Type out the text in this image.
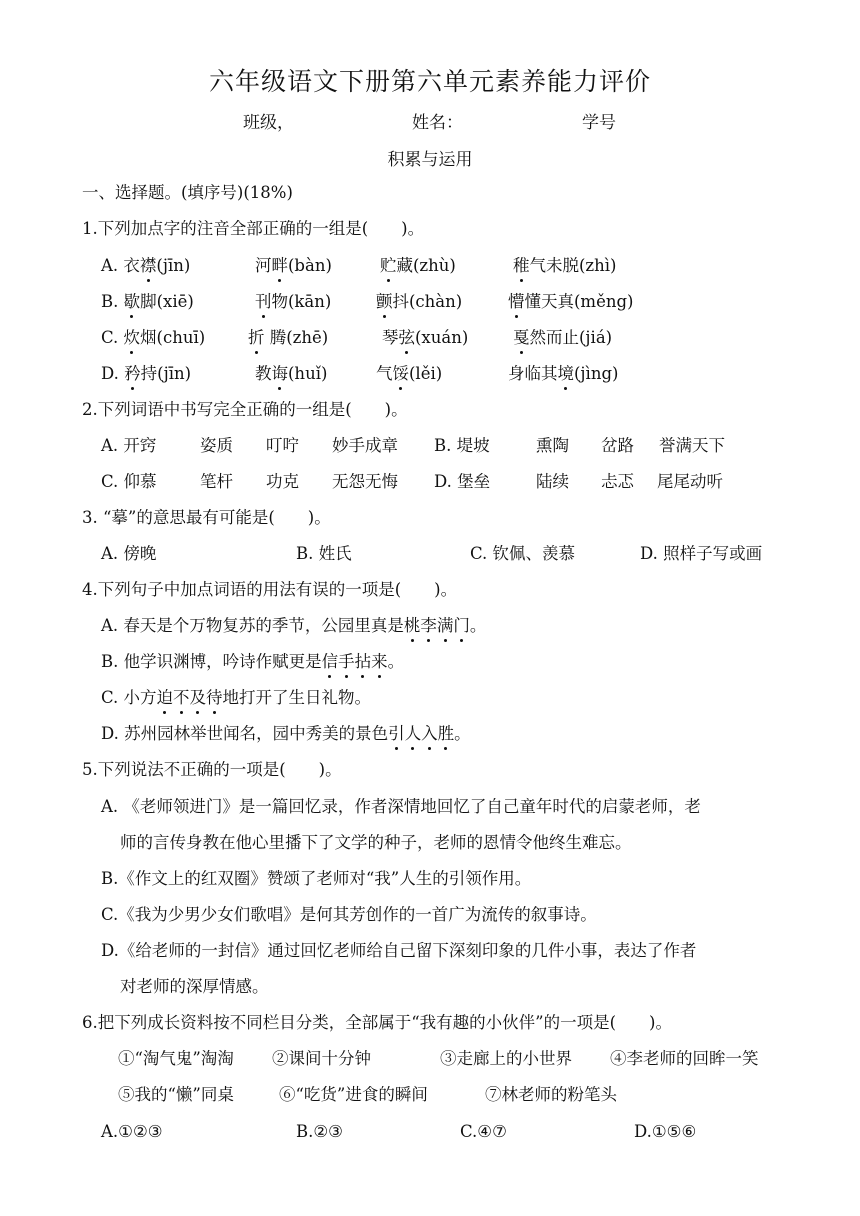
六年级语文下册第六单元素养能力评价
班级，	姓名：	学号
积累与运用
一、选择题。(填序号)(18%)
1.下列加点字的注音全部正确的一组是(　　)。
A. 衣襟(jīn)	河畔(bàn)	贮藏(zhù)	稚气未脱(zhì)
B. 歇脚(xiē)	刊物(kān)	颤抖(chàn)	懵懂天真(měng)
C. 炊烟(chuī)	折 腾(zhē)	琴弦(xuán)	戛然而止(jiá)
D. 矜持(jīn)	教诲(huǐ)	气馁(lěi)	身临其境(jìng)
2.下列词语中书写完全正确的一组是(　　)。
A. 开窍	姿质 叮咛 妙手成章 B. 堤坡	熏陶 岔路 誉满天下
C. 仰慕	笔杆 功克 无怨无悔 D. 堡垒	陆续 忐忑 尾尾动听
3. “摹”的意思最有可能是(　　)。
A. 傍晚	B. 姓氏	C. 钦佩、羡慕	D. 照样子写或画
4.下列句子中加点词语的用法有误的一项是(　　)。
A. 春天是个万物复苏的季节，公园里真是桃李满门。
B. 他学识渊博，吟诗作赋更是信手拈来。
C. 小方迫不及待地打开了生日礼物。
D. 苏州园林举世闻名，园中秀美的景色引人入胜。
5.下列说法不正确的一项是(　　)。
A. 《老师领进门》是一篇回忆录，作者深情地回忆了自己童年时代的启蒙老师，老
师的言传身教在他心里播下了文学的种子，老师的恩情令他终生难忘。
B.《作文上的红双圈》赞颂了老师对“我”人生的引领作用。
C.《我为少男少女们歌唱》是何其芳创作的一首广为流传的叙事诗。
D.《给老师的一封信》通过回忆老师给自己留下深刻印象的几件小事，表达了作者
对老师的深厚情感。
6.把下列成长资料按不同栏目分类，全部属于“我有趣的小伙伴”的一项是(　　)。
①“淘气鬼”淘淘 ②课间十分钟	③走廊上的小世界 ④李老师的回眸一笑
⑤我的“懒”同桌	⑥“吃货”进食的瞬间	⑦林老师的粉笔头
A.①②③	B.②③	C.④⑦	D.①⑤⑥
